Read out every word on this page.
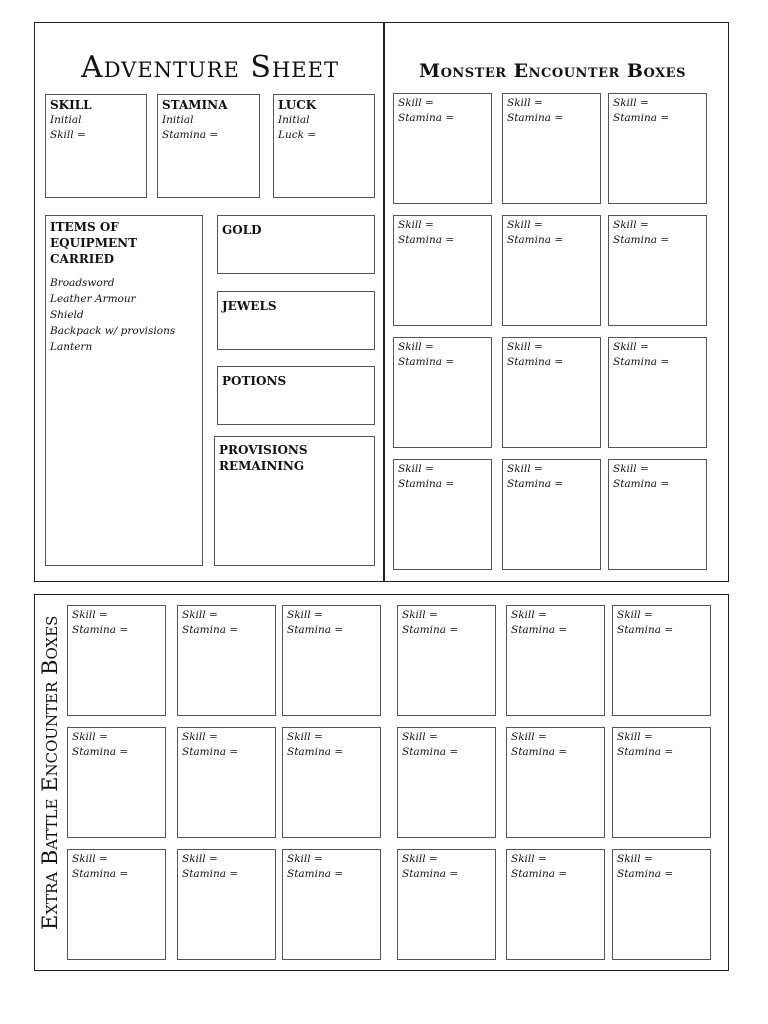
Adventure Sheet
SKILL
Initial
Skill =
STAMINA
Initial
Stamina =
LUCK
Initial
Luck =
ITEMS OF EQUIPMENT CARRIED
Broadsword
Leather Armour
Shield
Backpack w/ provisions
Lantern
GOLD
JEWELS
POTIONS
PROVISIONS REMAINING
Monster Encounter Boxes
Skill =
Stamina =
Skill =
Stamina =
Skill =
Stamina =
Skill =
Stamina =
Skill =
Stamina =
Skill =
Stamina =
Skill =
Stamina =
Skill =
Stamina =
Skill =
Stamina =
Skill =
Stamina =
Skill =
Stamina =
Skill =
Stamina =
Extra Battle Encounter Boxes
Skill =
Stamina =
Skill =
Stamina =
Skill =
Stamina =
Skill =
Stamina =
Skill =
Stamina =
Skill =
Stamina =
Skill =
Stamina =
Skill =
Stamina =
Skill =
Stamina =
Skill =
Stamina =
Skill =
Stamina =
Skill =
Stamina =
Skill =
Stamina =
Skill =
Stamina =
Skill =
Stamina =
Skill =
Stamina =
Skill =
Stamina =
Skill =
Stamina =
